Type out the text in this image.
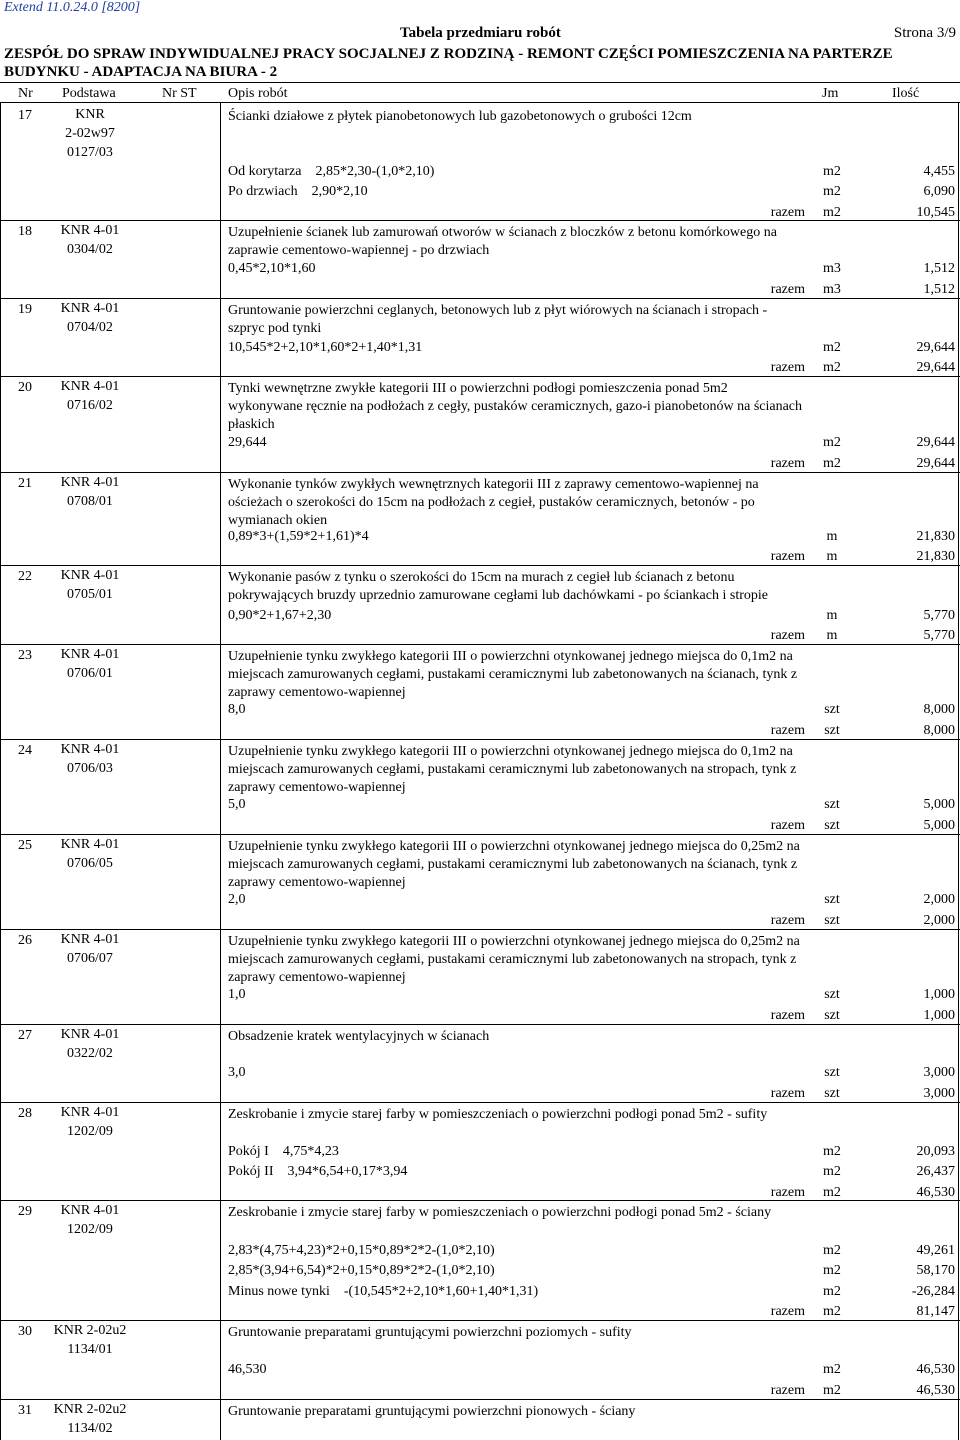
Extend 11.0.24.0 [8200]
Tabela przedmiaru robót	Strona 3/9
ZESPÓŁ DO SPRAW INDYWIDUALNEJ PRACY SOCJALNEJ Z RODZINĄ - REMONT CZĘŚCI POMIESZCZENIA NA PARTERZE BUDYNKU - ADAPTACJA NA BIURA - 2
Nr Podstawa	Nr ST Opis robót	Jm	Ilość
17	KNR
2-02w97
0127/03
Ścianki działowe z płytek pianobetonowych lub gazobetonowych o grubości 12cm
Od korytarza    2,85*2,30-(1,0*2,10)	m2	4,455
Po drzwiach    2,90*2,10	m2	6,090
razem	m2	10,545
18	KNR 4-01
0304/02
Uzupełnienie ścianek lub zamurowań otworów w ścianach z bloczków z betonu komórkowego na zaprawie cementowo-wapiennej - po drzwiach
0,45*2,10*1,60	m3	1,512
razem	m3	1,512
19	KNR 4-01
0704/02
Gruntowanie powierzchni ceglanych, betonowych lub z płyt wiórowych na ścianach i stropach - szpryc pod tynki
10,545*2+2,10*1,60*2+1,40*1,31	m2	29,644
razem	m2	29,644
20	KNR 4-01
0716/02
Tynki wewnętrzne zwykłe kategorii III o powierzchni podłogi pomieszczenia ponad 5m2 wykonywane ręcznie na podłożach z cegły, pustaków ceramicznych, gazo-i pianobetonów na ścianach płaskich
29,644	m2	29,644
razem	m2	29,644
21	KNR 4-01
0708/01
Wykonanie tynków zwykłych wewnętrznych kategorii III z zaprawy cementowo-wapiennej na ościeżach o szerokości do 15cm na podłożach z cegieł, pustaków ceramicznych, betonów - po wymianach okien
0,89*3+(1,59*2+1,61)*4	m	21,830
razem	m	21,830
22	KNR 4-01
0705/01
Wykonanie pasów z tynku o szerokości do 15cm na murach z cegieł lub ścianach z betonu pokrywających bruzdy uprzednio zamurowane cegłami lub dachówkami - po ściankach i stropie
0,90*2+1,67+2,30	m	5,770
razem	m	5,770
23	KNR 4-01
0706/01
Uzupełnienie tynku zwykłego kategorii III o powierzchni otynkowanej jednego miejsca do 0,1m2 na miejscach zamurowanych cegłami, pustakami ceramicznymi lub zabetonowanych na ścianach, tynk z zaprawy cementowo-wapiennej
8,0	szt	8,000
razem	szt	8,000
24	KNR 4-01
0706/03
Uzupełnienie tynku zwykłego kategorii III o powierzchni otynkowanej jednego miejsca do 0,1m2 na miejscach zamurowanych cegłami, pustakami ceramicznymi lub zabetonowanych na stropach, tynk z zaprawy cementowo-wapiennej
5,0	szt	5,000
razem	szt	5,000
25	KNR 4-01
0706/05
Uzupełnienie tynku zwykłego kategorii III o powierzchni otynkowanej jednego miejsca do 0,25m2 na miejscach zamurowanych cegłami, pustakami ceramicznymi lub zabetonowanych na ścianach, tynk z zaprawy cementowo-wapiennej
2,0	szt	2,000
razem	szt	2,000
26	KNR 4-01
0706/07
Uzupełnienie tynku zwykłego kategorii III o powierzchni otynkowanej jednego miejsca do 0,25m2 na miejscach zamurowanych cegłami, pustakami ceramicznymi lub zabetonowanych na stropach, tynk z zaprawy cementowo-wapiennej
1,0	szt	1,000
razem	szt	1,000
27	KNR 4-01
0322/02
Obsadzenie kratek wentylacyjnych w ścianach
3,0	szt	3,000
razem	szt	3,000
28	KNR 4-01
1202/09
Zeskrobanie i zmycie starej farby w pomieszczeniach o powierzchni podłogi ponad 5m2 - sufity
Pokój I    4,75*4,23	m2	20,093
Pokój II    3,94*6,54+0,17*3,94	m2	26,437
razem	m2	46,530
29	KNR 4-01
1202/09
Zeskrobanie i zmycie starej farby w pomieszczeniach o powierzchni podłogi ponad 5m2 - ściany
2,83*(4,75+4,23)*2+0,15*0,89*2*2-(1,0*2,10)	m2	49,261
2,85*(3,94+6,54)*2+0,15*0,89*2*2-(1,0*2,10)	m2	58,170
Minus nowe tynki    -(10,545*2+2,10*1,60+1,40*1,31)	m2	-26,284
razem	m2	81,147
30	KNR 2-02u2
1134/01
Gruntowanie preparatami gruntującymi powierzchni poziomych - sufity
46,530	m2	46,530
razem	m2	46,530
31	KNR 2-02u2
1134/02
Gruntowanie preparatami gruntującymi powierzchni pionowych - ściany
